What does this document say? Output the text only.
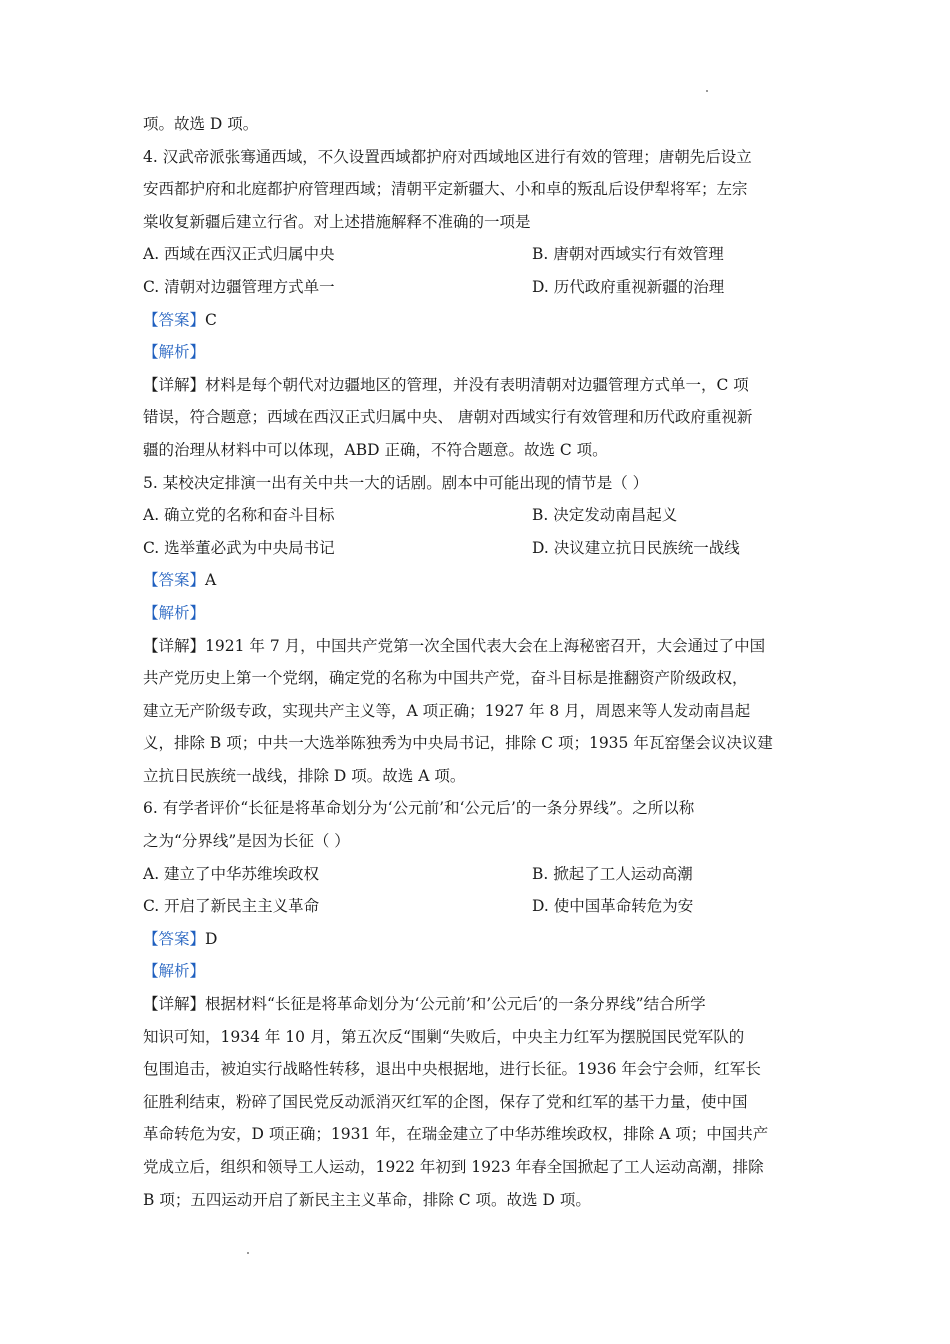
项。故选 D 项。
4. 汉武帝派张骞通西域，不久设置西域都护府对西域地区进行有效的管理；唐朝先后设立
安西都护府和北庭都护府管理西域；清朝平定新疆大、小和卓的叛乱后设伊犁将军；左宗
棠收复新疆后建立行省。对上述措施解释不准确的一项是
A. 西域在西汉正式归属中央	B. 唐朝对西域实行有效管理
C. 清朝对边疆管理方式单一	D. 历代政府重视新疆的治理
【答案】C
【解析】
【详解】材料是每个朝代对边疆地区的管理，并没有表明清朝对边疆管理方式单一，C 项
错误，符合题意；西域在西汉正式归属中央、 唐朝对西域实行有效管理和历代政府重视新
疆的治理从材料中可以体现，ABD 正确，不符合题意。故选 C 项。
5. 某校决定排演一出有关中共一大的话剧。剧本中可能出现的情节是（ ）
A. 确立党的名称和奋斗目标	B. 决定发动南昌起义
C. 选举董必武为中央局书记	D. 决议建立抗日民族统一战线
【答案】A
【解析】
【详解】1921 年 7 月，中国共产党第一次全国代表大会在上海秘密召开，大会通过了中国
共产党历史上第一个党纲，确定党的名称为中国共产党，奋斗目标是推翻资产阶级政权，
建立无产阶级专政，实现共产主义等，A 项正确；1927 年 8 月，周恩来等人发动南昌起
义，排除 B 项；中共一大选举陈独秀为中央局书记，排除 C 项；1935 年瓦窑堡会议决议建
立抗日民族统一战线，排除 D 项。故选 A 项。
6. 有学者评价“长征是将革命划分为‘公元前’和‘公元后’的一条分界线”。之所以称
之为“分界线”是因为长征（ ）
A. 建立了中华苏维埃政权	B. 掀起了工人运动高潮
C. 开启了新民主主义革命	D. 使中国革命转危为安
【答案】D
【解析】
【详解】根据材料“长征是将革命划分为‘公元前’和’公元后’的一条分界线”结合所学
知识可知，1934 年 10 月，第五次反“围剿“失败后，中央主力红军为摆脱国民党军队的
包围追击，被迫实行战略性转移，退出中央根据地，进行长征。1936 年会宁会师，红军长
征胜利结束，粉碎了国民党反动派消灭红军的企图，保存了党和红军的基干力量，使中国
革命转危为安，D 项正确；1931 年，在瑞金建立了中华苏维埃政权，排除 A 项；中国共产
党成立后，组织和领导工人运动，1922 年初到 1923 年春全国掀起了工人运动高潮，排除
B 项；五四运动开启了新民主主义革命，排除 C 项。故选 D 项。
